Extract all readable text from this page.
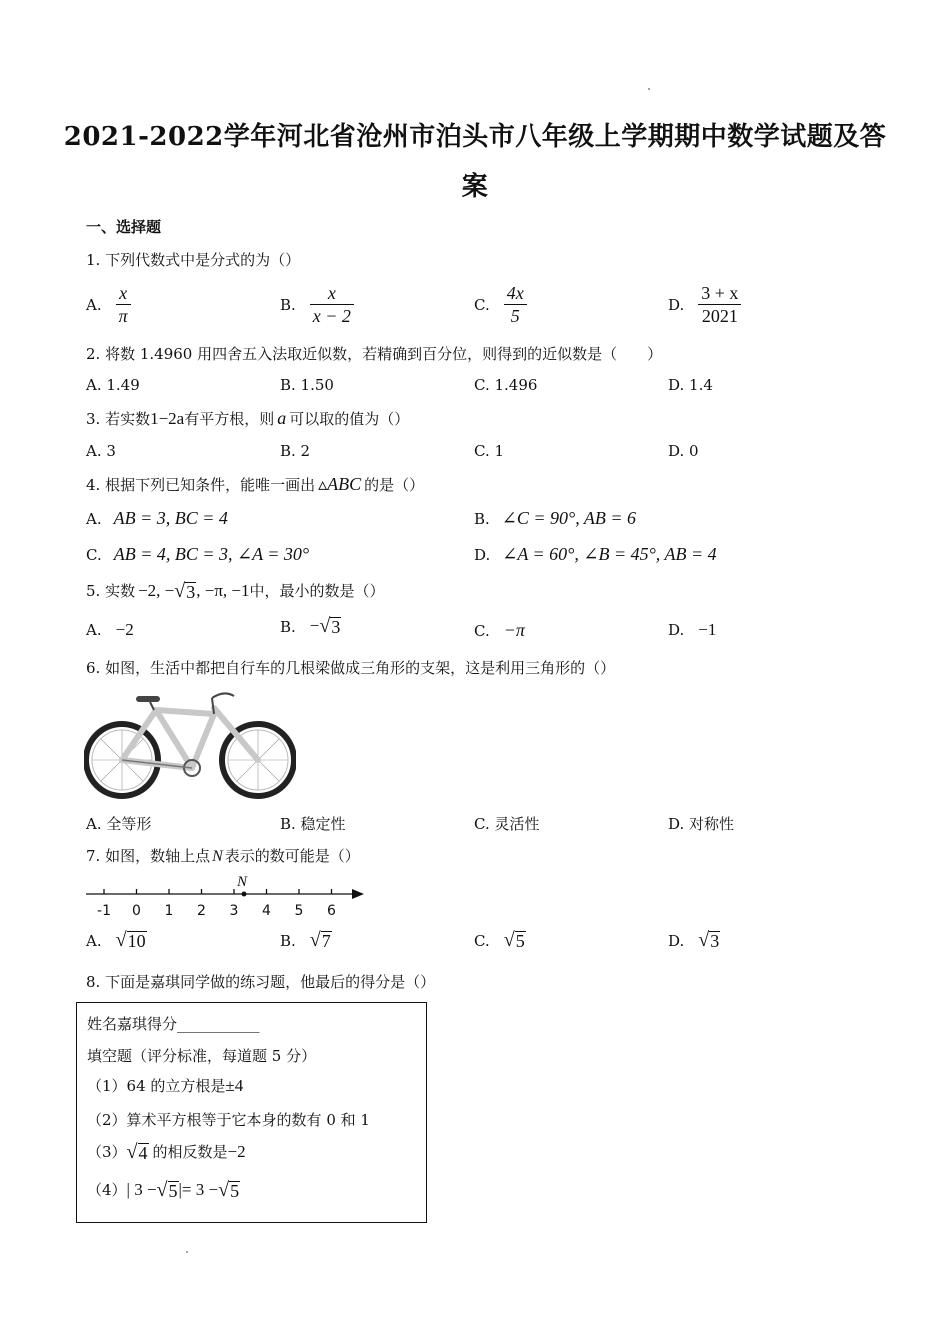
2021-2022学年河北省沧州市泊头市八年级上学期期中数学试题及答
案
一、选择题
1. 下列代数式中是分式的为（）
A. $\frac{x}{\pi}$	B. $\frac{x}{x - 2}$	C. $\frac{4x}{5}$	D. $\frac{3 + x}{2021}$
2. 将数 1.4960 用四舍五入法取近似数，若精确到百分位，则得到的近似数是（　　）
A. 1.49	B. 1.50	C. 1.496	D. 1.4
3. 若实数1−2a有平方根，则 a 可以取的值为（）
A. 3	B. 2	C. 1	D. 0
4. 根据下列已知条件，能唯一画出 ▵ABC 的是（）
A. AB = 3, BC = 4	B. ∠C = 90°, AB = 6
C. AB = 4, BC = 3, ∠A = 30°	D. ∠A = 60°, ∠B = 45°, AB = 4
5. 实数 −2, − √ 3 , −π, −1 中，最小的数是（）
A. −2	B. − √ 3	C. −π	D. −1
6. 如图，生活中都把自行车的几根梁做成三角形的支架，这是利用三角形的（）
A. 全等形	B. 稳定性	C. 灵活性	D. 对称性
7. 如图，数轴上点 N 表示的数可能是（）
-1 0 1 2 3 4 5 6
N
A. √ 10	B. √ 7	C. √ 5	D. √ 3
8. 下面是嘉琪同学做的练习题，他最后的得分是（）
姓名嘉琪得分___________
填空题（评分标准，每道题 5 分）
（1）64 的立方根是±4
（2）算术平方根等于它本身的数有 0 和 1
（3） √ 4 的相反数是 −2
（4） | 3 − √ 5 |= 3 − √ 5
